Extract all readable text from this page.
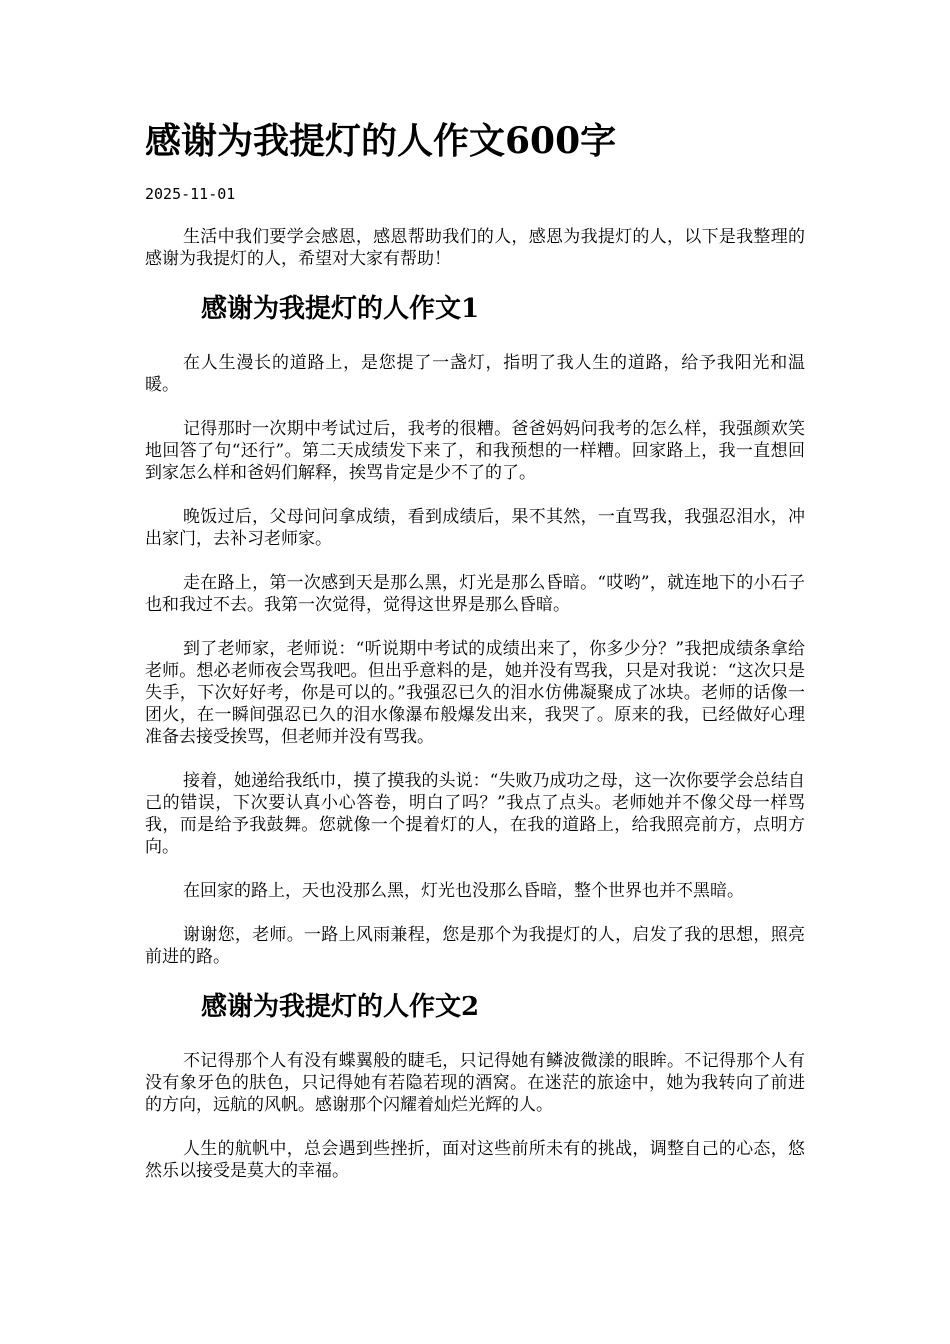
感谢为我提灯的人作文600字
2025-11-01

生活中我们要学会感恩，感恩帮助我们的人，感恩为我提灯的人，以下是我整理的感谢为我提灯的人，希望对大家有帮助！

感谢为我提灯的人作文1

在人生漫长的道路上，是您提了一盏灯，指明了我人生的道路，给予我阳光和温暖。

记得那时一次期中考试过后，我考的很糟。爸爸妈妈问我考的怎么样，我强颜欢笑地回答了句“还行”。第二天成绩发下来了，和我预想的一样糟。回家路上，我一直想回到家怎么样和爸妈们解释，挨骂肯定是少不了的了。

晚饭过后，父母问问拿成绩，看到成绩后，果不其然，一直骂我，我强忍泪水，冲出家门，去补习老师家。

走在路上，第一次感到天是那么黑，灯光是那么昏暗。“哎哟”，就连地下的小石子也和我过不去。我第一次觉得，觉得这世界是那么昏暗。

到了老师家，老师说：“听说期中考试的成绩出来了，你多少分？”我把成绩条拿给老师。想必老师夜会骂我吧。但出乎意料的是，她并没有骂我，只是对我说：“这次只是失手，下次好好考，你是可以的。”我强忍已久的泪水仿佛凝聚成了冰块。老师的话像一团火，在一瞬间强忍已久的泪水像瀑布般爆发出来，我哭了。原来的我，已经做好心理准备去接受挨骂，但老师并没有骂我。

接着，她递给我纸巾，摸了摸我的头说：“失败乃成功之母，这一次你要学会总结自己的错误，下次要认真小心答卷，明白了吗？”我点了点头。老师她并不像父母一样骂我，而是给予我鼓舞。您就像一个提着灯的人，在我的道路上，给我照亮前方，点明方向。

在回家的路上，天也没那么黑，灯光也没那么昏暗，整个世界也并不黑暗。

谢谢您，老师。一路上风雨兼程，您是那个为我提灯的人，启发了我的思想，照亮前进的路。

感谢为我提灯的人作文2

不记得那个人有没有蝶翼般的睫毛，只记得她有鳞波微漾的眼眸。不记得那个人有没有象牙色的肤色，只记得她有若隐若现的酒窝。在迷茫的旅途中，她为我转向了前进的方向，远航的风帆。感谢那个闪耀着灿烂光辉的人。

人生的航帆中，总会遇到些挫折，面对这些前所未有的挑战，调整自己的心态，悠然乐以接受是莫大的幸福。
